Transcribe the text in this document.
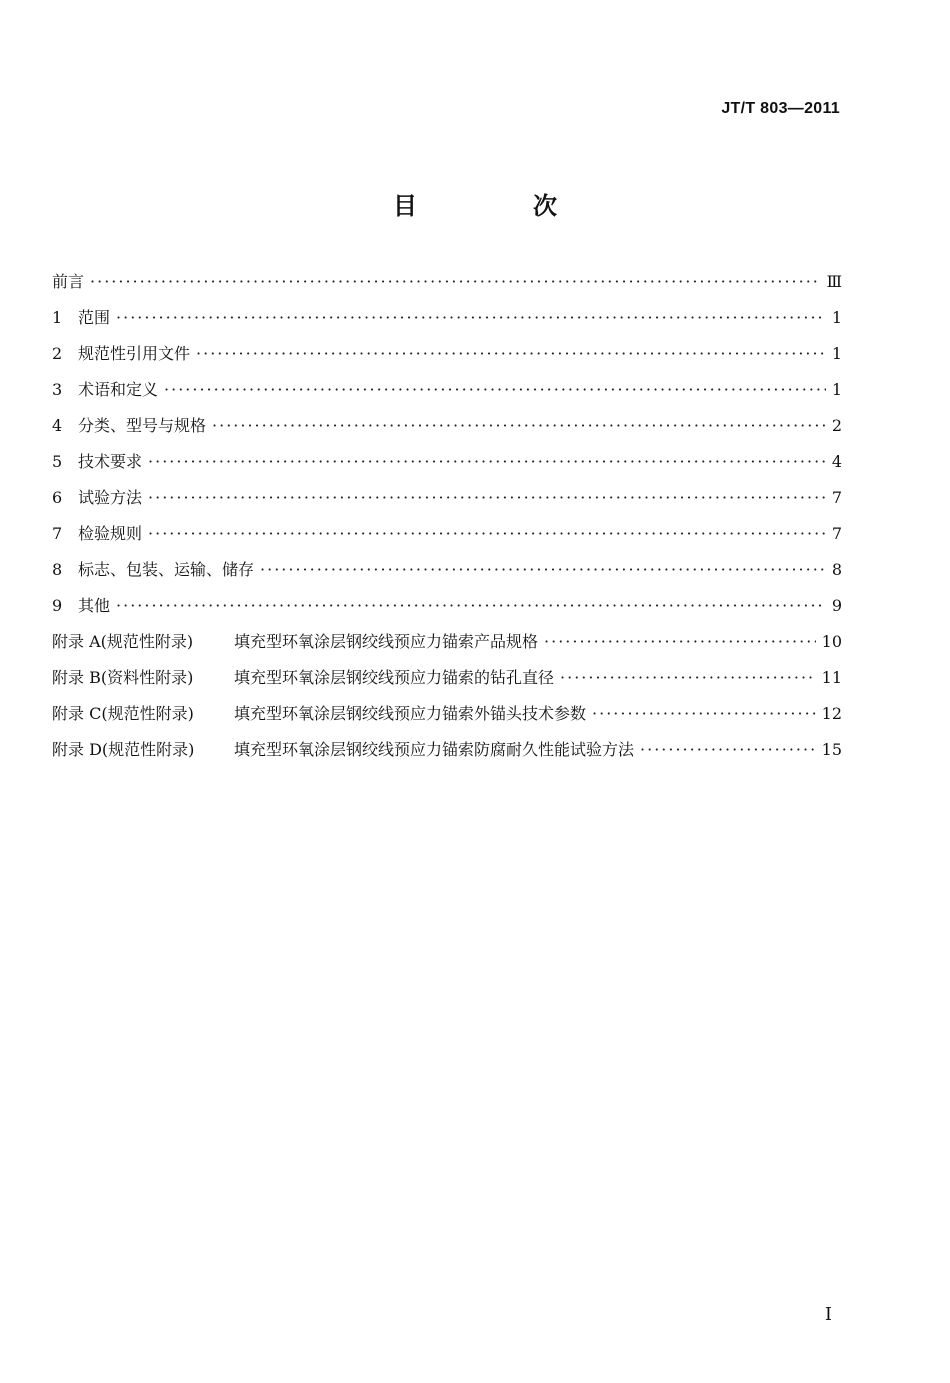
JT/T 803—2011
目　次
前言 ·····	Ⅲ
1 范围 ·····	1
2 规范性引用文件 ·····	1
3 术语和定义 ·····	1
4 分类、型号与规格 ·····	2
5 技术要求 ·····	4
6 试验方法 ·····	7
7 检验规则 ·····	7
8 标志、包装、运输、储存 ·····	8
9 其他 ·····	9
附录 A(规范性附录)	填充型环氧涂层钢绞线预应力锚索产品规格 ·····	10
附录 B(资料性附录)	填充型环氧涂层钢绞线预应力锚索的钻孔直径 ·····	11
附录 C(规范性附录)	填充型环氧涂层钢绞线预应力锚索外锚头技术参数 ·····	12
附录 D(规范性附录)	填充型环氧涂层钢绞线预应力锚索防腐耐久性能试验方法 ·····	15
I
